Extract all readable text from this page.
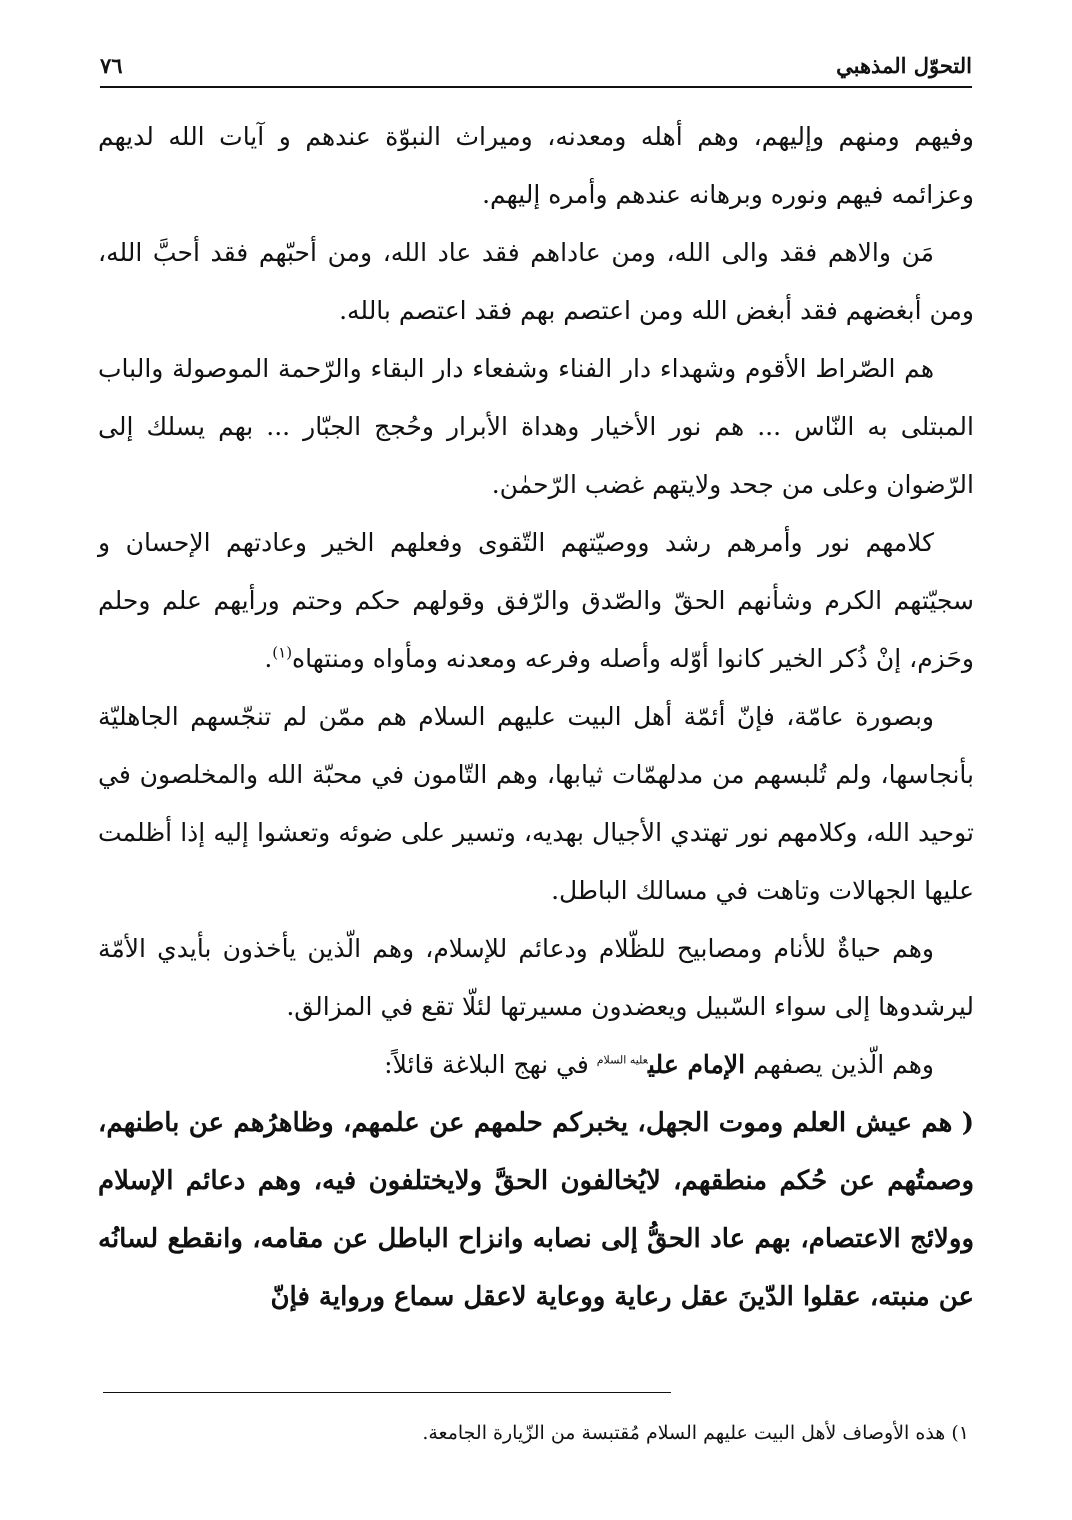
التحوّل المذهبي
٧٦

وفيهم ومنهم وإليهم، وهم أهله ومعدنه، وميراث النبوّة عندهم و آيات الله لديهم وعزائمه فيهم ونوره وبرهانه عندهم وأمره إليهم.

مَن والاهم فقد والى الله، ومن عاداهم فقد عاد الله، ومن أحبّهم فقد أحبَّ الله، ومن أبغضهم فقد أبغض الله ومن اعتصم بهم فقد اعتصم بالله.

هم الصّراط الأقوم وشهداء دار الفناء وشفعاء دار البقاء والرّحمة الموصولة والباب المبتلى به النّاس ... هم نور الأخيار وهداة الأبرار وحُجج الجبّار ... بهم يسلك إلى الرّضوان وعلى من جحد ولايتهم غضب الرّحمٰن.

كلامهم نور وأمرهم رشد ووصيّتهم التّقوى وفعلهم الخير وعادتهم الإحسان و سجيّتهم الكرم وشأنهم الحقّ والصّدق والرّفق وقولهم حكم وحتم ورأيهم علم وحلم وحَزم، إنْ ذُكر الخير كانوا أوّله وأصله وفرعه ومعدنه ومأواه ومنتهاه$^{(١)}$.

وبصورة عامّة، فإنّ أئمّة أهل البيت عليهم السلام هم ممّن لم تنجّسهم الجاهليّة بأنجاسها، ولم تُلبسهم من مدلهمّات ثيابها، وهم التّامون في محبّة الله والمخلصون في توحيد الله، وكلامهم نور تهتدي الأجيال بهديه، وتسير على ضوئه وتعشوا إليه إذا أظلمت عليها الجهالات وتاهت في مسالك الباطل.

وهم حياةٌ للأنام ومصابيح للظّلام ودعائم للإسلام، وهم الّذين يأخذون بأيدي الأمّة ليرشدوها إلى سواء السّبيل ويعضدون مسيرتها لئلّا تقع في المزالق.

وهم الّذين يصفهم الإمام علي$^{عليه السلام}$ في نهج البلاغة قائلاً:

( هم عيش العلم وموت الجهل، يخبركم حلمهم عن علمهم، وظاهرُهم عن باطنهم، وصمتُهم عن حُكم منطقهم، لايُخالفون الحقَّ ولايختلفون فيه، وهم دعائم الإسلام وولائج الاعتصام، بهم عاد الحقُّ إلى نصابه وانزاح الباطل عن مقامه، وانقطع لسانُه عن منبته، عقلوا الدّينَ عقل رعاية ووعاية لاعقل سماع ورواية فإنّ

١) هذه الأوصاف لأهل البيت عليهم السلام مُقتبسة من الزّيارة الجامعة.
